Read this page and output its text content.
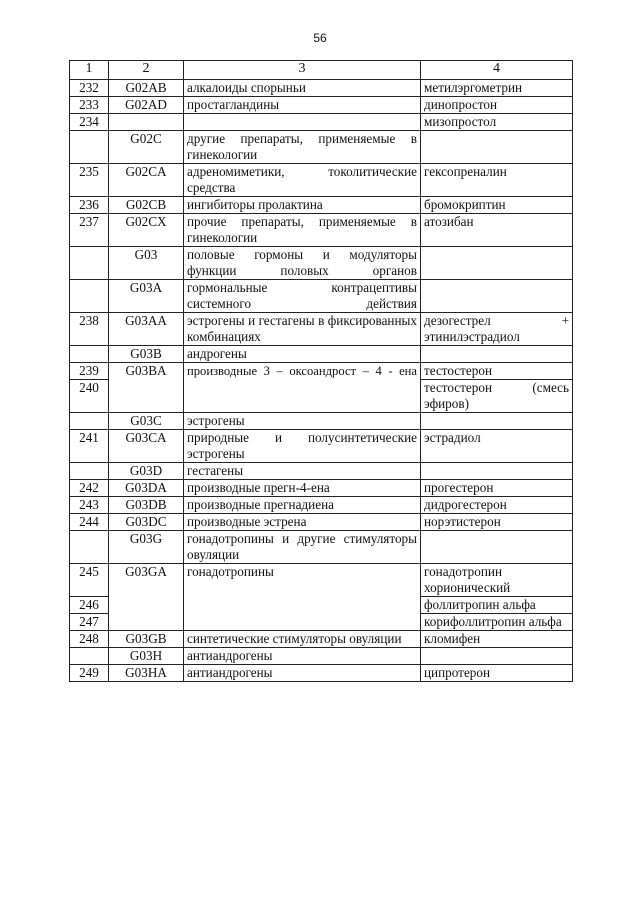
56
1	2	3	4
232	G02AB	алкалоиды спорыньи	метилэргометрин
233	G02AD	простагландины	динопростон
234			мизопростол
	G02C	другие препараты, применяемые в гинекологии	
235	G02CA	адреномиметики, токолитические средства	гексопреналин
236	G02CB	ингибиторы пролактина	бромокриптин
237	G02CX	прочие препараты, применяемые в гинекологии	атозибан
	G03	половые гормоны и модуляторы функции половых органов	
	G03A	гормональные контрацептивы системного действия	
238	G03AA	эстрогены и гестагены в фиксированных комбинациях	дезогестрел + этинилэстрадиол
	G03B	андрогены	
239	G03BA	производные 3 – оксоандрост – 4 - ена	тестостерон
240			тестостерон (смесь эфиров)
	G03C	эстрогены	
241	G03CA	природные и полусинтетические эстрогены	эстрадиол
	G03D	гестагены	
242	G03DA	производные прегн-4-ена	прогестерон
243	G03DB	производные прегнадиена	дидрогестерон
244	G03DC	производные эстрена	норэтистерон
	G03G	гонадотропины и другие стимуляторы овуляции	
245	G03GA	гонадотропины	гонадотропин хорионический
246			фоллитропин альфа
247			корифоллитропин альфа
248	G03GB	синтетические стимуляторы овуляции	кломифен
	G03H	антиандрогены	
249	G03HA	антиандрогены	ципротерон
